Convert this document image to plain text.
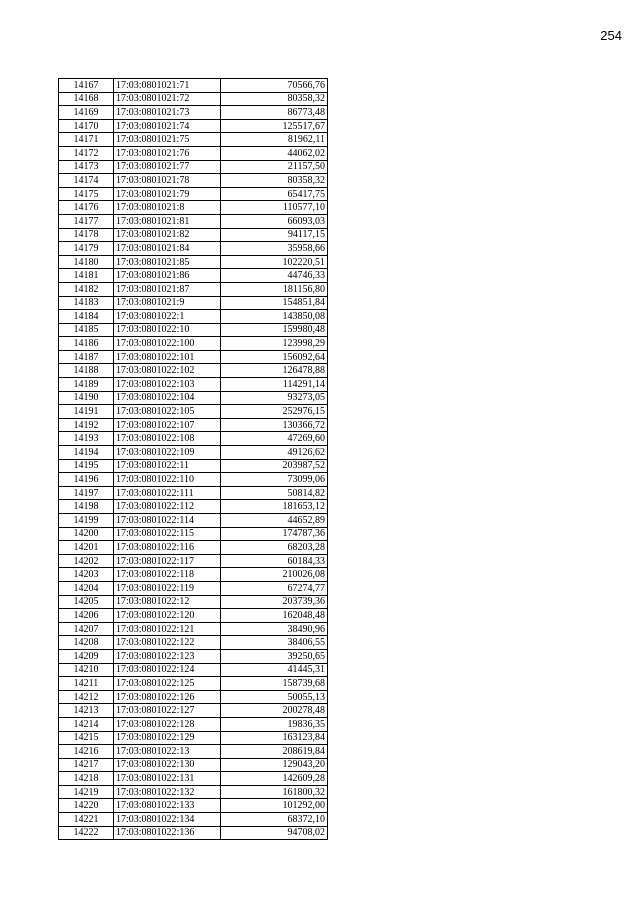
254
14167	17:03:0801021:71	70566,76
14168	17:03:0801021:72	80358,32
14169	17:03:0801021:73	86773,48
14170	17:03:0801021:74	125517,67
14171	17:03:0801021:75	81962,11
14172	17:03:0801021:76	44062,02
14173	17:03:0801021:77	21157,50
14174	17:03:0801021:78	80358,32
14175	17:03:0801021:79	65417,75
14176	17:03:0801021:8	110577,10
14177	17:03:0801021:81	66093,03
14178	17:03:0801021:82	94117,15
14179	17:03:0801021:84	35958,66
14180	17:03:0801021:85	102220,51
14181	17:03:0801021:86	44746,33
14182	17:03:0801021:87	181156,80
14183	17:03:0801021:9	154851,84
14184	17:03:0801022:1	143850,08
14185	17:03:0801022:10	159980,48
14186	17:03:0801022:100	123998,29
14187	17:03:0801022:101	156092,64
14188	17:03:0801022:102	126478,88
14189	17:03:0801022:103	114291,14
14190	17:03:0801022:104	93273,05
14191	17:03:0801022:105	252976,15
14192	17:03:0801022:107	130366,72
14193	17:03:0801022:108	47269,60
14194	17:03:0801022:109	49126,62
14195	17:03:0801022:11	203987,52
14196	17:03:0801022:110	73099,06
14197	17:03:0801022:111	50814,82
14198	17:03:0801022:112	181653,12
14199	17:03:0801022:114	44652,89
14200	17:03:0801022:115	174787,36
14201	17:03:0801022:116	68203,28
14202	17:03:0801022:117	60184,33
14203	17:03:0801022:118	210026,08
14204	17:03:0801022:119	67274,77
14205	17:03:0801022:12	203739,36
14206	17:03:0801022:120	162048,48
14207	17:03:0801022:121	38490,96
14208	17:03:0801022:122	38406,55
14209	17:03:0801022:123	39250,65
14210	17:03:0801022:124	41445,31
14211	17:03:0801022:125	158739,68
14212	17:03:0801022:126	50055,13
14213	17:03:0801022:127	200278,48
14214	17:03:0801022:128	19836,35
14215	17:03:0801022:129	163123,84
14216	17:03:0801022:13	208619,84
14217	17:03:0801022:130	129043,20
14218	17:03:0801022:131	142609,28
14219	17:03:0801022:132	161800,32
14220	17:03:0801022:133	101292,00
14221	17:03:0801022:134	68372,10
14222	17:03:0801022:136	94708,02
